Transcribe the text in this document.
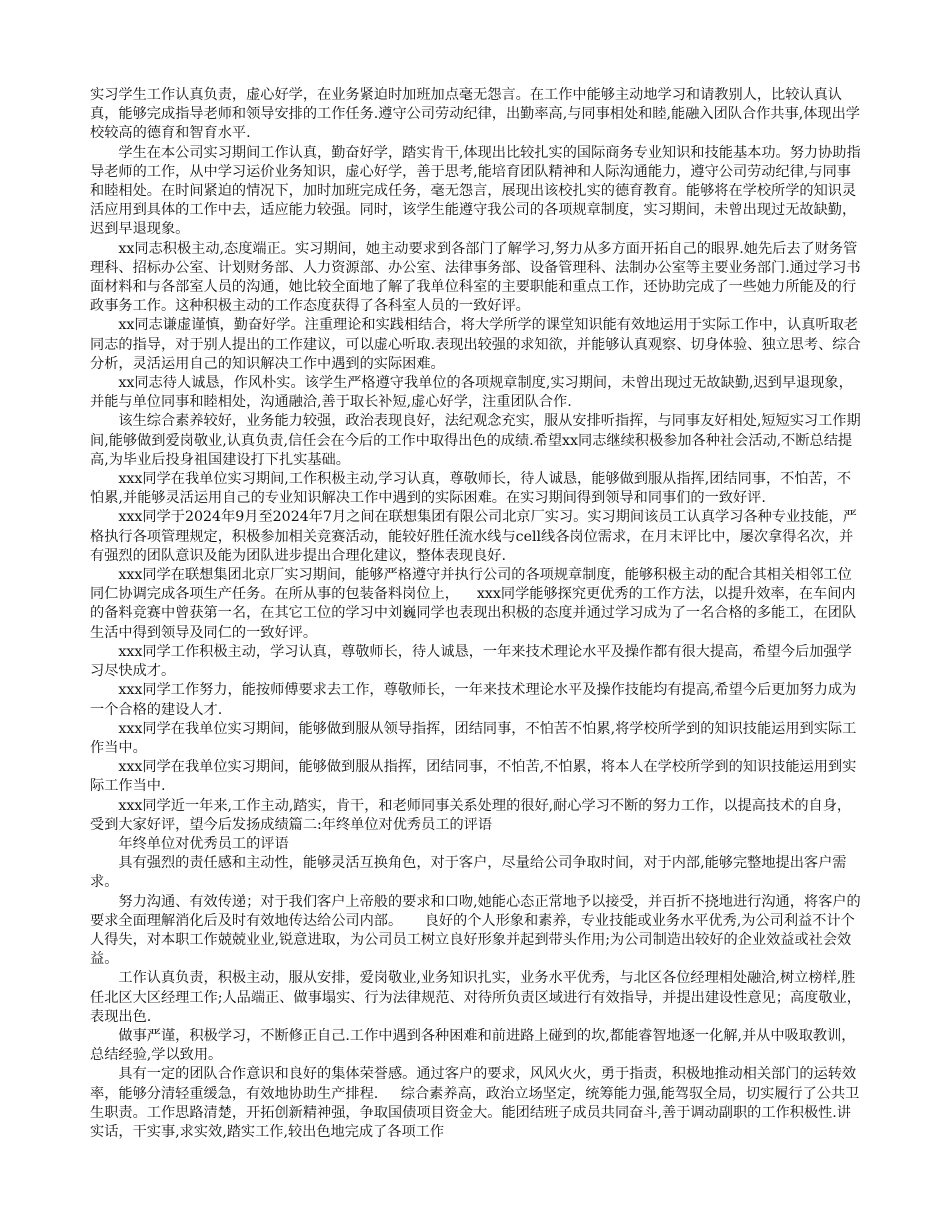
实习学生工作认真负责，虚心好学，在业务紧迫时加班加点毫无怨言。在工作中能够主动地学习和请教别人，比较认真认真，能够完成指导老师和领导安排的工作任务.遵守公司劳动纪律，出勤率高,与同事相处和睦,能融入团队合作共事,体现出学校较高的德育和智育水平.

学生在本公司实习期间工作认真，勤奋好学，踏实肯干,体现出比较扎实的国际商务专业知识和技能基本功。努力协助指导老师的工作，从中学习运价业务知识，虚心好学，善于思考,能培育团队精神和人际沟通能力，遵守公司劳动纪律,与同事和睦相处。在时间紧迫的情况下，加时加班完成任务，毫无怨言，展现出该校扎实的德育教育。能够将在学校所学的知识灵活应用到具体的工作中去，适应能力较强。同时，该学生能遵守我公司的各项规章制度，实习期间，未曾出现过无故缺勤，迟到早退现象。

xx同志积极主动,态度端正。实习期间，她主动要求到各部门了解学习,努力从多方面开拓自己的眼界.她先后去了财务管理科、招标办公室、计划财务部、人力资源部、办公室、法律事务部、设备管理科、法制办公室等主要业务部门.通过学习书面材料和与各部室人员的沟通，她比较全面地了解了我单位科室的主要职能和重点工作，还协助完成了一些她力所能及的行政事务工作。这种积极主动的工作态度获得了各科室人员的一致好评。

xx同志谦虚谨慎，勤奋好学。注重理论和实践相结合，将大学所学的课堂知识能有效地运用于实际工作中，认真听取老同志的指导，对于别人提出的工作建议，可以虚心听取.表现出较强的求知欲，并能够认真观察、切身体验、独立思考、综合分析，灵活运用自己的知识解决工作中遇到的实际困难。

xx同志待人诚恳，作风朴实。该学生严格遵守我单位的各项规章制度,实习期间，未曾出现过无故缺勤,迟到早退现象，并能与单位同事和睦相处，沟通融洽,善于取长补短,虚心好学，注重团队合作.

该生综合素养较好，业务能力较强，政治表现良好，法纪观念充实，服从安排听指挥，与同事友好相处,短短实习工作期间,能够做到爱岗敬业,认真负责,信任会在今后的工作中取得出色的成绩.希望xx同志继续积极参加各种社会活动,不断总结提高,为毕业后投身祖国建设打下扎实基础。

xxx同学在我单位实习期间,工作积极主动,学习认真，尊敬师长，待人诚恳，能够做到服从指挥,团结同事，不怕苦，不怕累,并能够灵活运用自己的专业知识解决工作中遇到的实际困难。在实习期间得到领导和同事们的一致好评.

xxx同学于2024年9月至2024年7月之间在联想集团有限公司北京厂实习。实习期间该员工认真学习各种专业技能，严格执行各项管理规定，积极参加相关竞赛活动，能较好胜任流水线与cell线各岗位需求，在月末评比中，屡次拿得名次，并有强烈的团队意识及能为团队进步提出合理化建议，整体表现良好.

xxx同学在联想集团北京厂实习期间，能够严格遵守并执行公司的各项规章制度，能够积极主动的配合其相关相邻工位同仁协调完成各项生产任务。在所从事的包装备料岗位上，    xxx同学能够探究更优秀的工作方法，以提升效率，在车间内的备料竞赛中曾获第一名，在其它工位的学习中刘巍同学也表现出积极的态度并通过学习成为了一名合格的多能工，在团队生活中得到领导及同仁的一致好评。

xxx同学工作积极主动，学习认真，尊敬师长，待人诚恳，一年来技术理论水平及操作都有很大提高，希望今后加强学习尽快成才。

xxx同学工作努力，能按师傅要求去工作，尊敬师长，一年来技术理论水平及操作技能均有提高,希望今后更加努力成为一个合格的建设人才.

xxx同学在我单位实习期间，能够做到服从领导指挥，团结同事，不怕苦不怕累,将学校所学到的知识技能运用到实际工作当中。

xxx同学在我单位实习期间，能够做到服从指挥，团结同事，不怕苦,不怕累，将本人在学校所学到的知识技能运用到实际工作当中.

xxx同学近一年来,工作主动,踏实，肯干，和老师同事关系处理的很好,耐心学习不断的努力工作，以提高技术的自身，受到大家好评，望今后发扬成绩篇二:年终单位对优秀员工的评语

年终单位对优秀员工的评语

具有强烈的责任感和主动性，能够灵活互换角色，对于客户，尽量给公司争取时间，对于内部,能够完整地提出客户需求。

努力沟通、有效传递；对于我们客户上帝般的要求和口吻,她能心态正常地予以接受，并百折不挠地进行沟通，将客户的要求全面理解消化后及时有效地传达给公司内部。     良好的个人形象和素养，专业技能或业务水平优秀,为公司利益不计个人得失，对本职工作兢兢业业,锐意进取，为公司员工树立良好形象并起到带头作用;为公司制造出较好的企业效益或社会效益。

工作认真负责，积极主动，服从安排，爱岗敬业,业务知识扎实，业务水平优秀，与北区各位经理相处融洽,树立榜样,胜任北区大区经理工作;人品端正、做事塌实、行为法律规范、对待所负责区域进行有效指导，并提出建设性意见；高度敬业，表现出色.

做事严谨，积极学习，不断修正自己.工作中遇到各种困难和前进路上碰到的坎,都能睿智地逐一化解,并从中吸取教训，总结经验,学以致用。

具有一定的团队合作意识和良好的集体荣誉感。通过客户的要求，风风火火，勇于指责，积极地推动相关部门的运转效率，能够分清轻重缓急，有效地协助生产排程.     综合素养高，政治立场坚定，统筹能力强,能驾驭全局，切实履行了公共卫生职责。工作思路清楚，开拓创新精神强，争取国债项目资金大。能团结班子成员共同奋斗,善于调动副职的工作积极性.讲实话，干实事,求实效,踏实工作,较出色地完成了各项工作
